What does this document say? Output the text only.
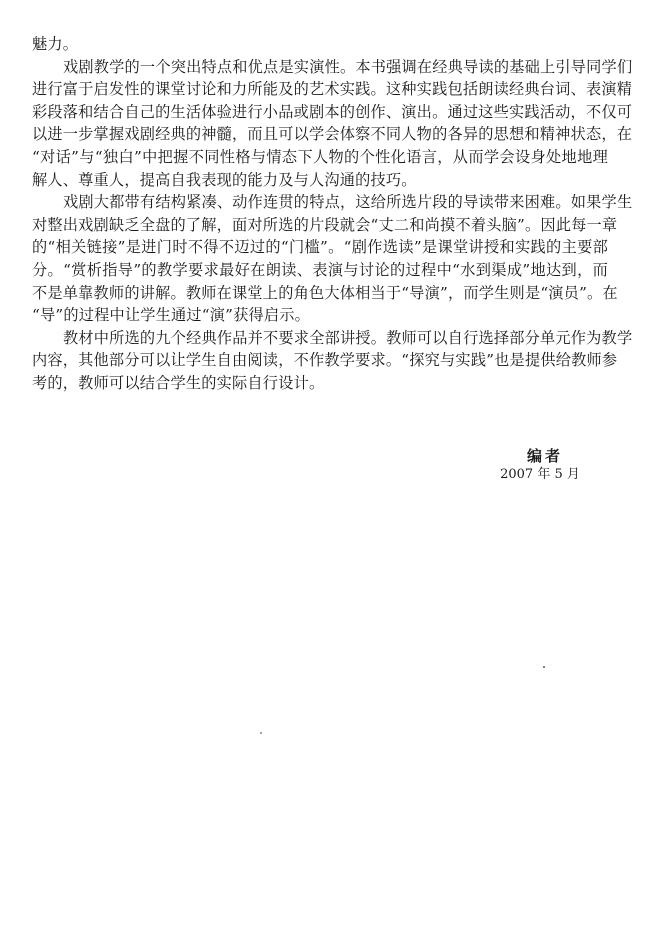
魅力。
戏剧教学的一个突出特点和优点是实演性。本书强调在经典导读的基础上引导同学们
进行富于启发性的课堂讨论和力所能及的艺术实践。这种实践包括朗读经典台词、表演精
彩段落和结合自己的生活体验进行小品或剧本的创作、演出。通过这些实践活动，不仅可
以进一步掌握戏剧经典的神髓，而且可以学会体察不同人物的各异的思想和精神状态，在
“对话”与“独白”中把握不同性格与情态下人物的个性化语言，从而学会设身处地地理
解人、尊重人，提高自我表现的能力及与人沟通的技巧。
戏剧大都带有结构紧凑、动作连贯的特点，这给所选片段的导读带来困难。如果学生
对整出戏剧缺乏全盘的了解，面对所选的片段就会“丈二和尚摸不着头脑”。因此每一章
的“相关链接”是进门时不得不迈过的“门槛”。“剧作选读”是课堂讲授和实践的主要部
分。“赏析指导”的教学要求最好在朗读、表演与讨论的过程中“水到渠成”地达到，而
不是单靠教师的讲解。教师在课堂上的角色大体相当于“导演”，而学生则是“演员”。在
“导”的过程中让学生通过“演”获得启示。
教材中所选的九个经典作品并不要求全部讲授。教师可以自行选择部分单元作为教学
内容，其他部分可以让学生自由阅读，不作教学要求。“探究与实践”也是提供给教师参
考的，教师可以结合学生的实际自行设计。
编者
2007 年 5 月
